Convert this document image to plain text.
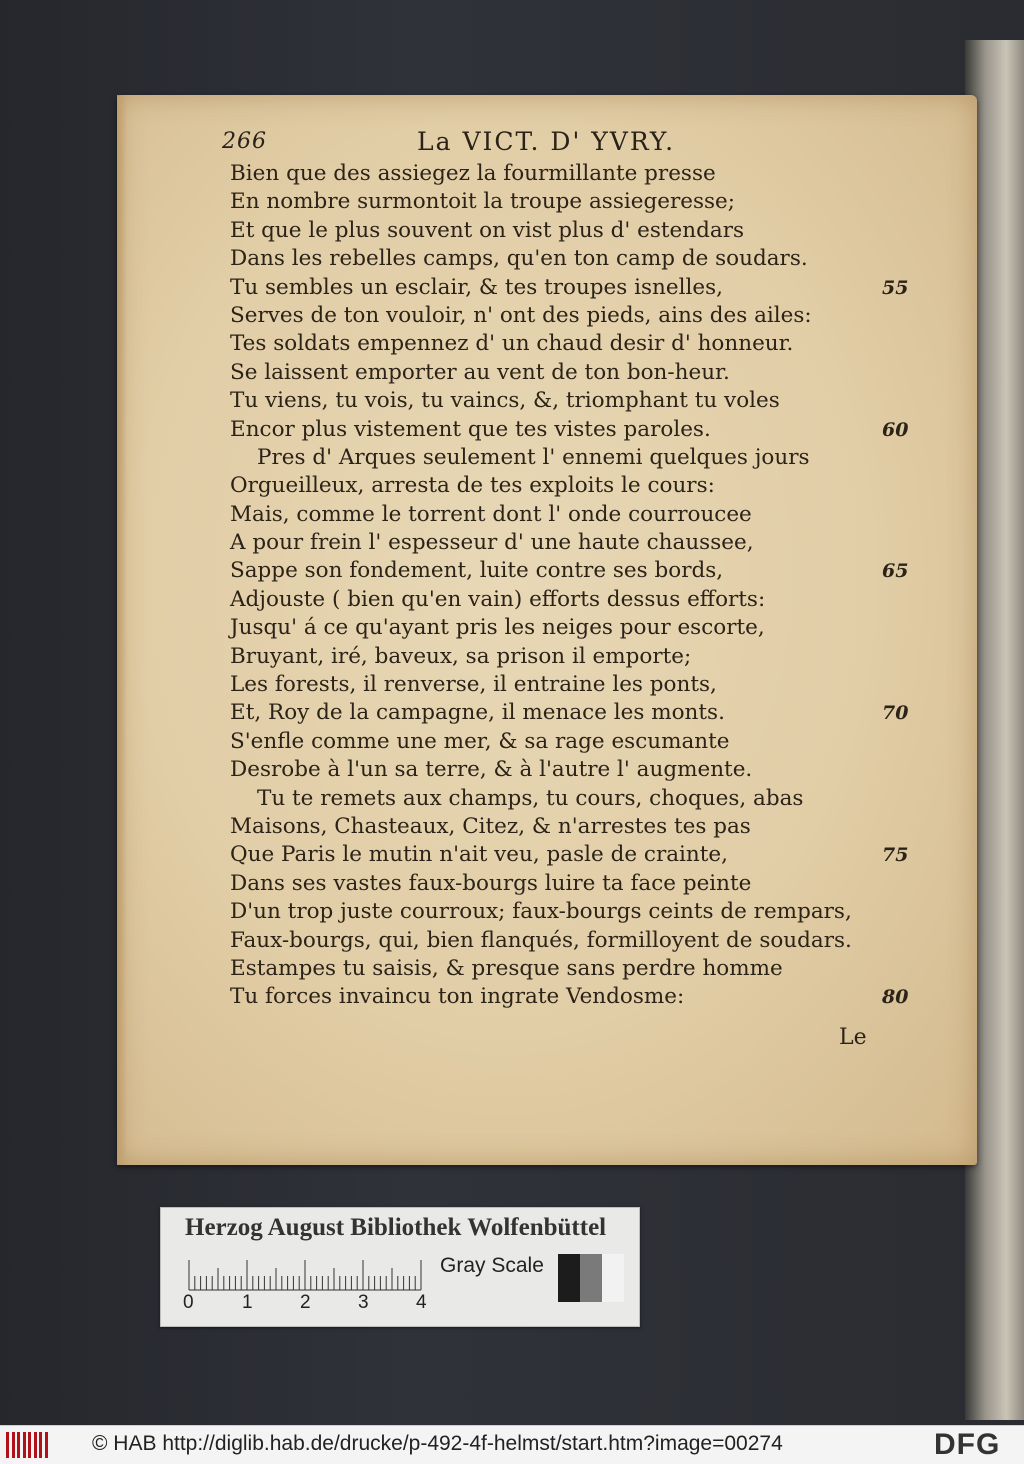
266	La VICT. D' YVRY.
Bien que des assiegez la fourmillante presse
En nombre surmontoit la troupe assiegeresse;
Et que le plus souvent on vist plus d' estendars
Dans les rebelles camps, qu'en ton camp de soudars.
Tu sembles un esclair, & tes troupes isnelles,	55
Serves de ton vouloir, n' ont des pieds, ains des ailes:
Tes soldats empennez d' un chaud desir d' honneur.
Se laissent emporter au vent de ton bon-heur.
Tu viens, tu vois, tu vaincs, &, triomphant tu voles
Encor plus vistement que tes vistes paroles.	60
Pres d' Arques seulement l' ennemi quelques jours
Orgueilleux, arresta de tes exploits le cours:
Mais, comme le torrent dont l' onde courroucee
A pour frein l' espesseur d' une haute chaussee,
Sappe son fondement, luite contre ses bords,	65
Adjouste ( bien qu'en vain) efforts dessus efforts:
Jusqu' á ce qu'ayant pris les neiges pour escorte,
Bruyant, iré, baveux, sa prison il emporte;
Les forests, il renverse, il entraine les ponts,
Et, Roy de la campagne, il menace les monts.	70
S'enfle comme une mer, & sa rage escumante
Desrobe à l'un sa terre, & à l'autre l' augmente.
Tu te remets aux champs, tu cours, choques, abas
Maisons, Chasteaux, Citez, & n'arrestes tes pas
Que Paris le mutin n'ait veu, pasle de crainte,	75
Dans ses vastes faux-bourgs luire ta face peinte
D'un trop juste courroux; faux-bourgs ceints de rempars,
Faux-bourgs, qui, bien flanqués, formilloyent de soudars.
Estampes tu saisis, & presque sans perdre homme
Tu forces invaincu ton ingrate Vendosme:	80
Le
Herzog August Bibliothek Wolfenbüttel
0	1 2 3 4
Gray Scale
© HAB http://diglib.hab.de/drucke/p-492-4f-helmst/start.htm?image=00274	DFG
